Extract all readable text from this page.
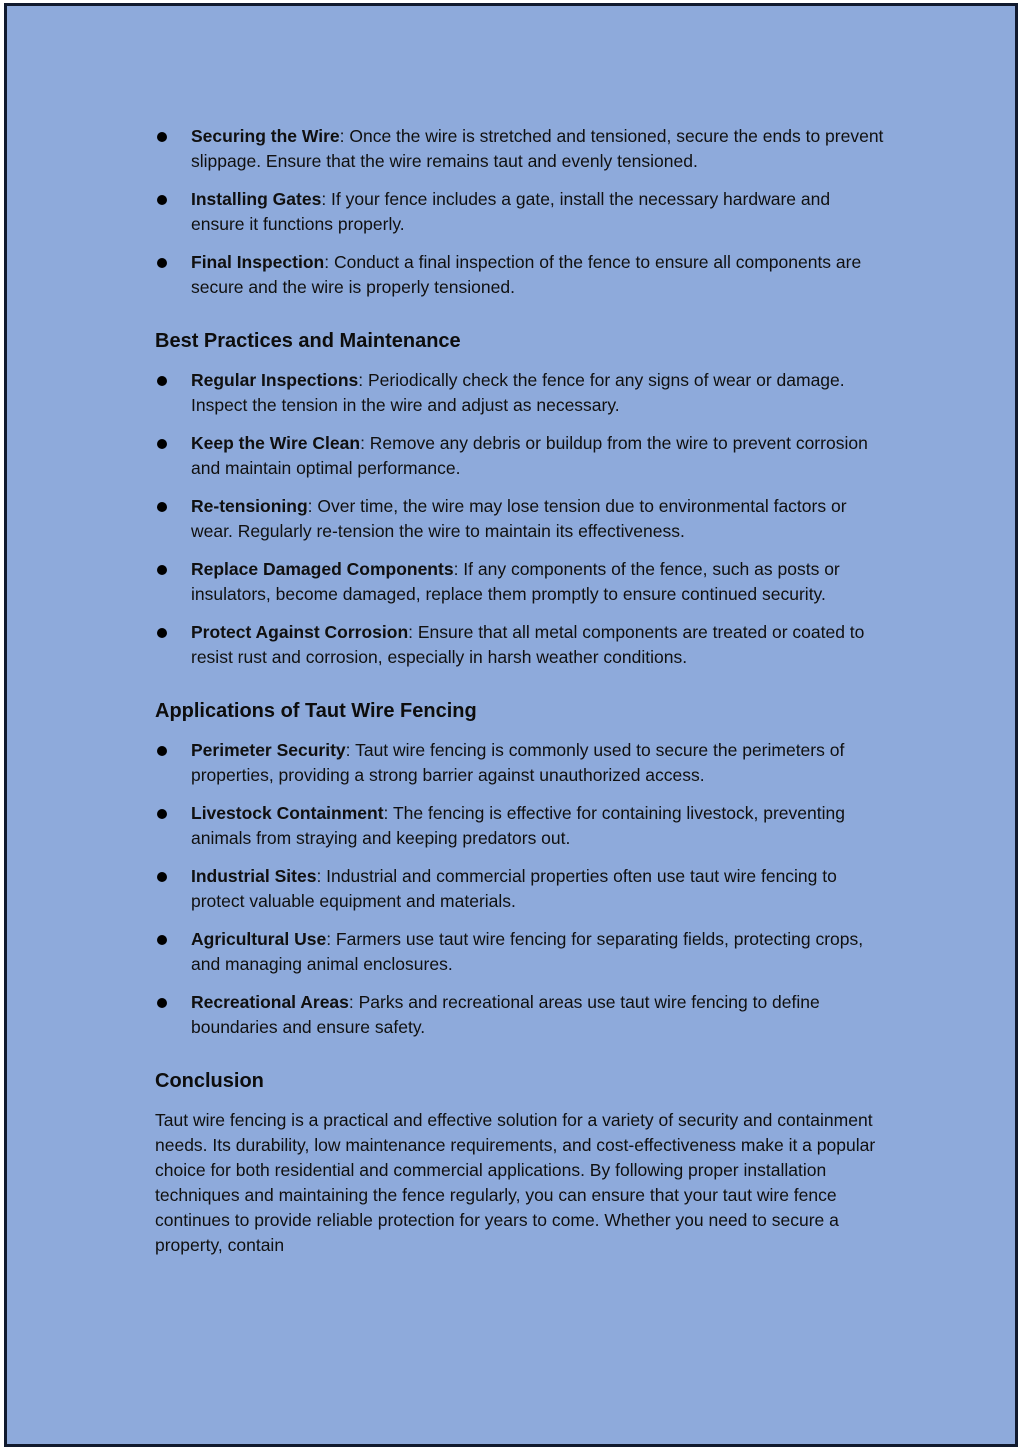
Securing the Wire: Once the wire is stretched and tensioned, secure the ends to prevent slippage. Ensure that the wire remains taut and evenly tensioned.
Installing Gates: If your fence includes a gate, install the necessary hardware and ensure it functions properly.
Final Inspection: Conduct a final inspection of the fence to ensure all components are secure and the wire is properly tensioned.
Best Practices and Maintenance
Regular Inspections: Periodically check the fence for any signs of wear or damage. Inspect the tension in the wire and adjust as necessary.
Keep the Wire Clean: Remove any debris or buildup from the wire to prevent corrosion and maintain optimal performance.
Re-tensioning: Over time, the wire may lose tension due to environmental factors or wear. Regularly re-tension the wire to maintain its effectiveness.
Replace Damaged Components: If any components of the fence, such as posts or insulators, become damaged, replace them promptly to ensure continued security.
Protect Against Corrosion: Ensure that all metal components are treated or coated to resist rust and corrosion, especially in harsh weather conditions.
Applications of Taut Wire Fencing
Perimeter Security: Taut wire fencing is commonly used to secure the perimeters of properties, providing a strong barrier against unauthorized access.
Livestock Containment: The fencing is effective for containing livestock, preventing animals from straying and keeping predators out.
Industrial Sites: Industrial and commercial properties often use taut wire fencing to protect valuable equipment and materials.
Agricultural Use: Farmers use taut wire fencing for separating fields, protecting crops, and managing animal enclosures.
Recreational Areas: Parks and recreational areas use taut wire fencing to define boundaries and ensure safety.
Conclusion

Taut wire fencing is a practical and effective solution for a variety of security and containment needs. Its durability, low maintenance requirements, and cost-effectiveness make it a popular choice for both residential and commercial applications. By following proper installation techniques and maintaining the fence regularly, you can ensure that your taut wire fence continues to provide reliable protection for years to come. Whether you need to secure a property, contain
